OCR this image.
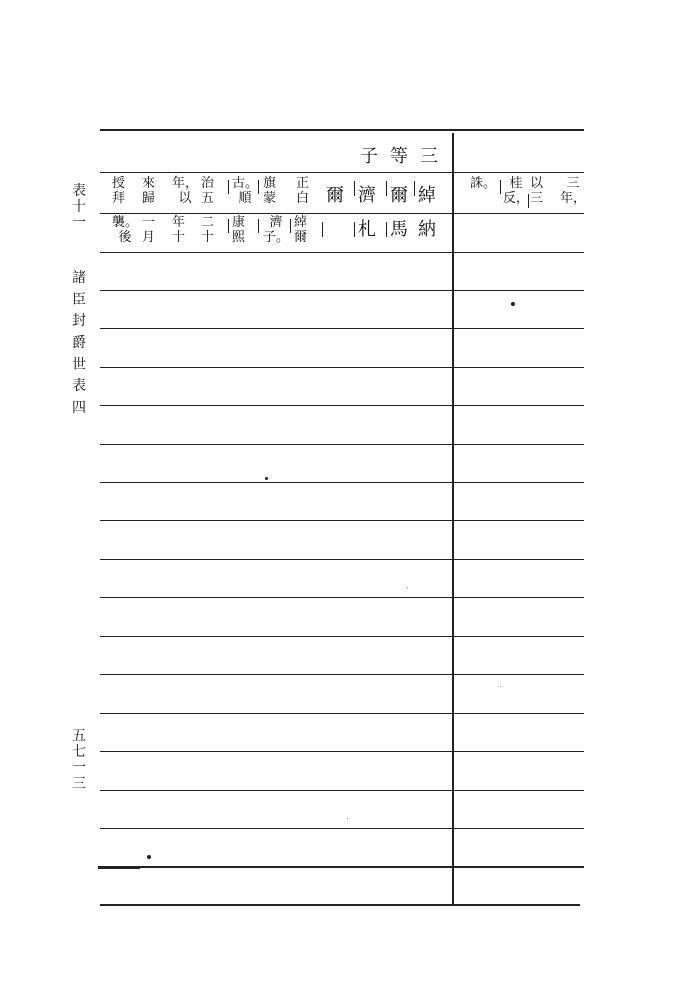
表
十
一
諸
臣
封
爵
世
表
四
五
七
一
三
三
等
子
綽
納
爾
馬
濟
札
爾
正
白
旗
蒙
古。
順
治
五
年，
以
來
歸
授
拜
綽
爾
濟
子。
康
熙
二
十
年
十
一
月
襲。
後
三
年，
以
三
桂
反，
誅。
